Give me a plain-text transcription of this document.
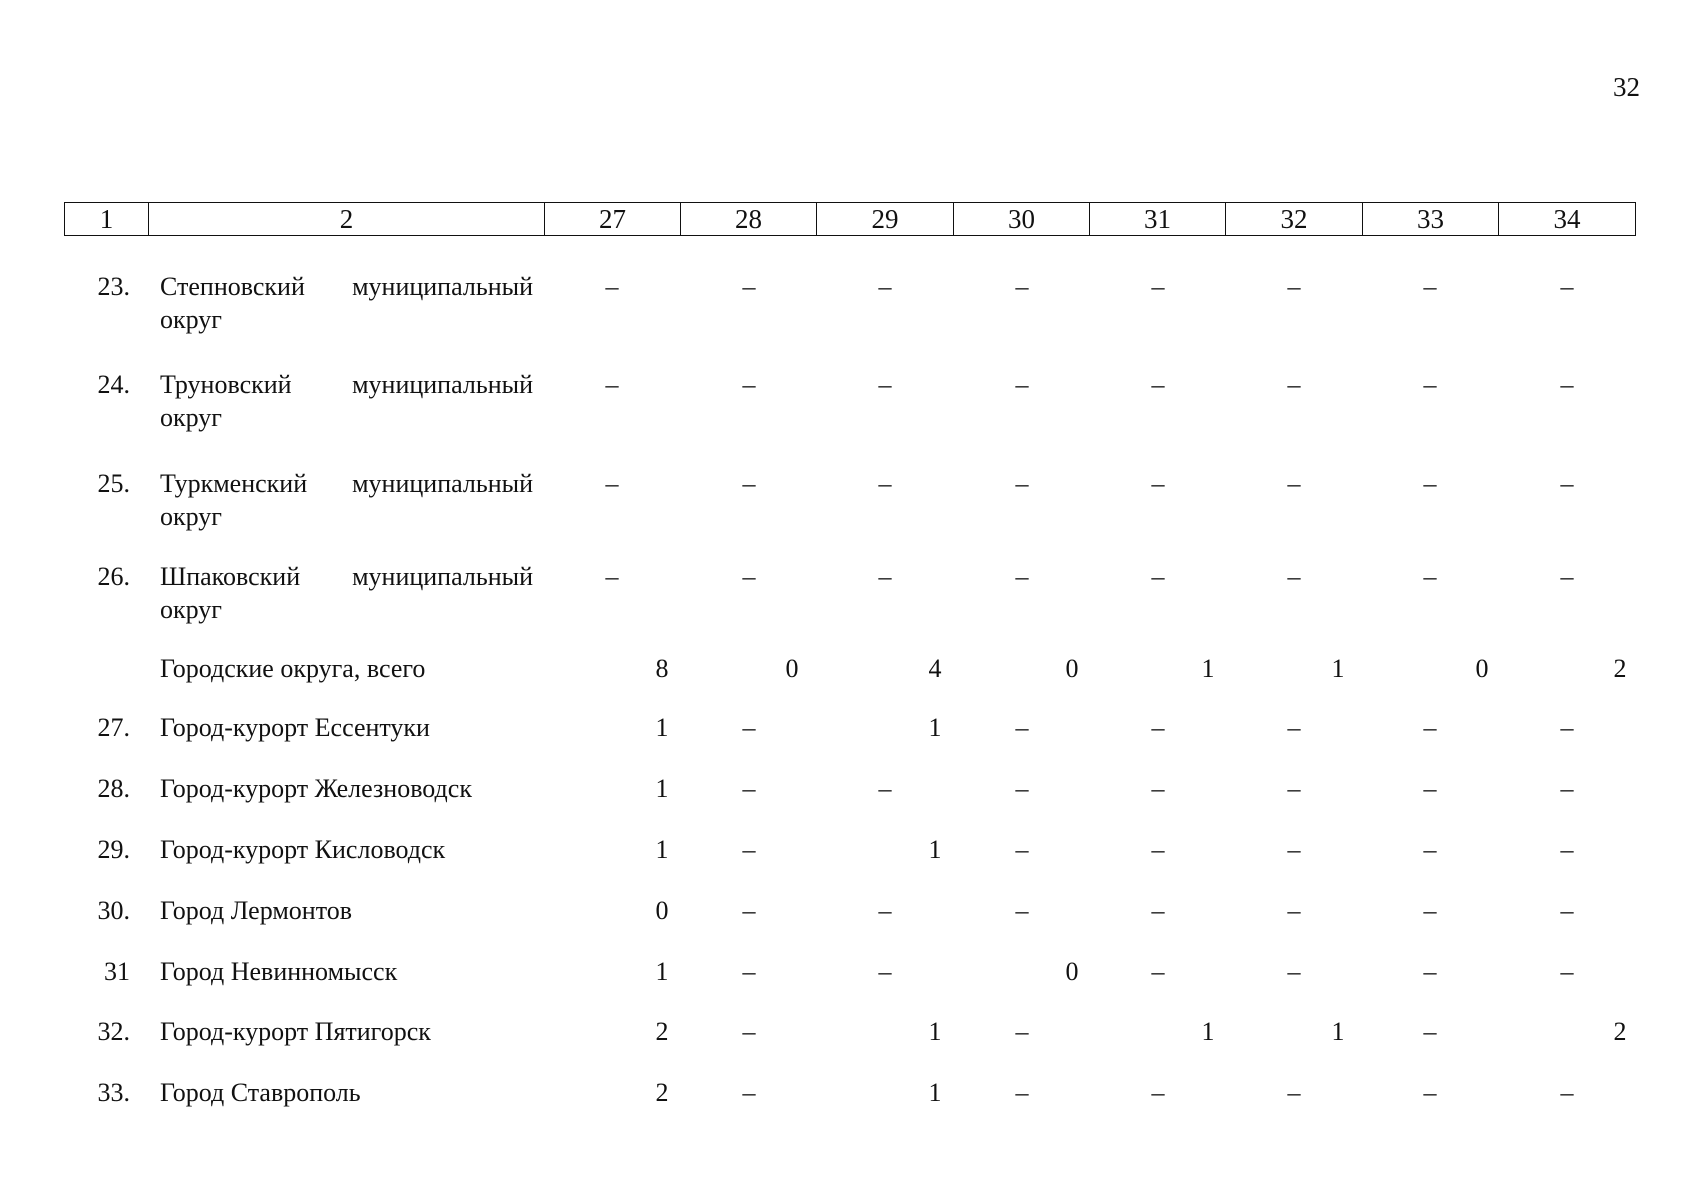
32
1	2	27	28	29	30	31	32	33	34
23. Степновский муниципальный
округ
–	–	–	–	–	–	–	–
24. Труновский муниципальный
округ
–	–	–	–	–	–	–	–
25. Туркменский муниципальный
округ
–	–	–	–	–	–	–	–
26. Шпаковский муниципальный
округ
–	–	–	–	–	–	–	–
Городские округа, всего	8	0	4	0	1	1	0	2
27. Город-курорт Ессентуки	1	–	1	–	–	–	–	–
28. Город-курорт Железноводск	1	–	–	–	–	–	–	–
29. Город-курорт Кисловодск	1	–	1	–	–	–	–	–
30. Город Лермонтов	0	–	–	–	–	–	–	–
31 Город Невинномысск	1	–	–	0	–	–	–	–
32. Город-курорт Пятигорск	2	–	1	–	1	1	–	2
33. Город Ставрополь	2	–	1	–	–	–	–	–
